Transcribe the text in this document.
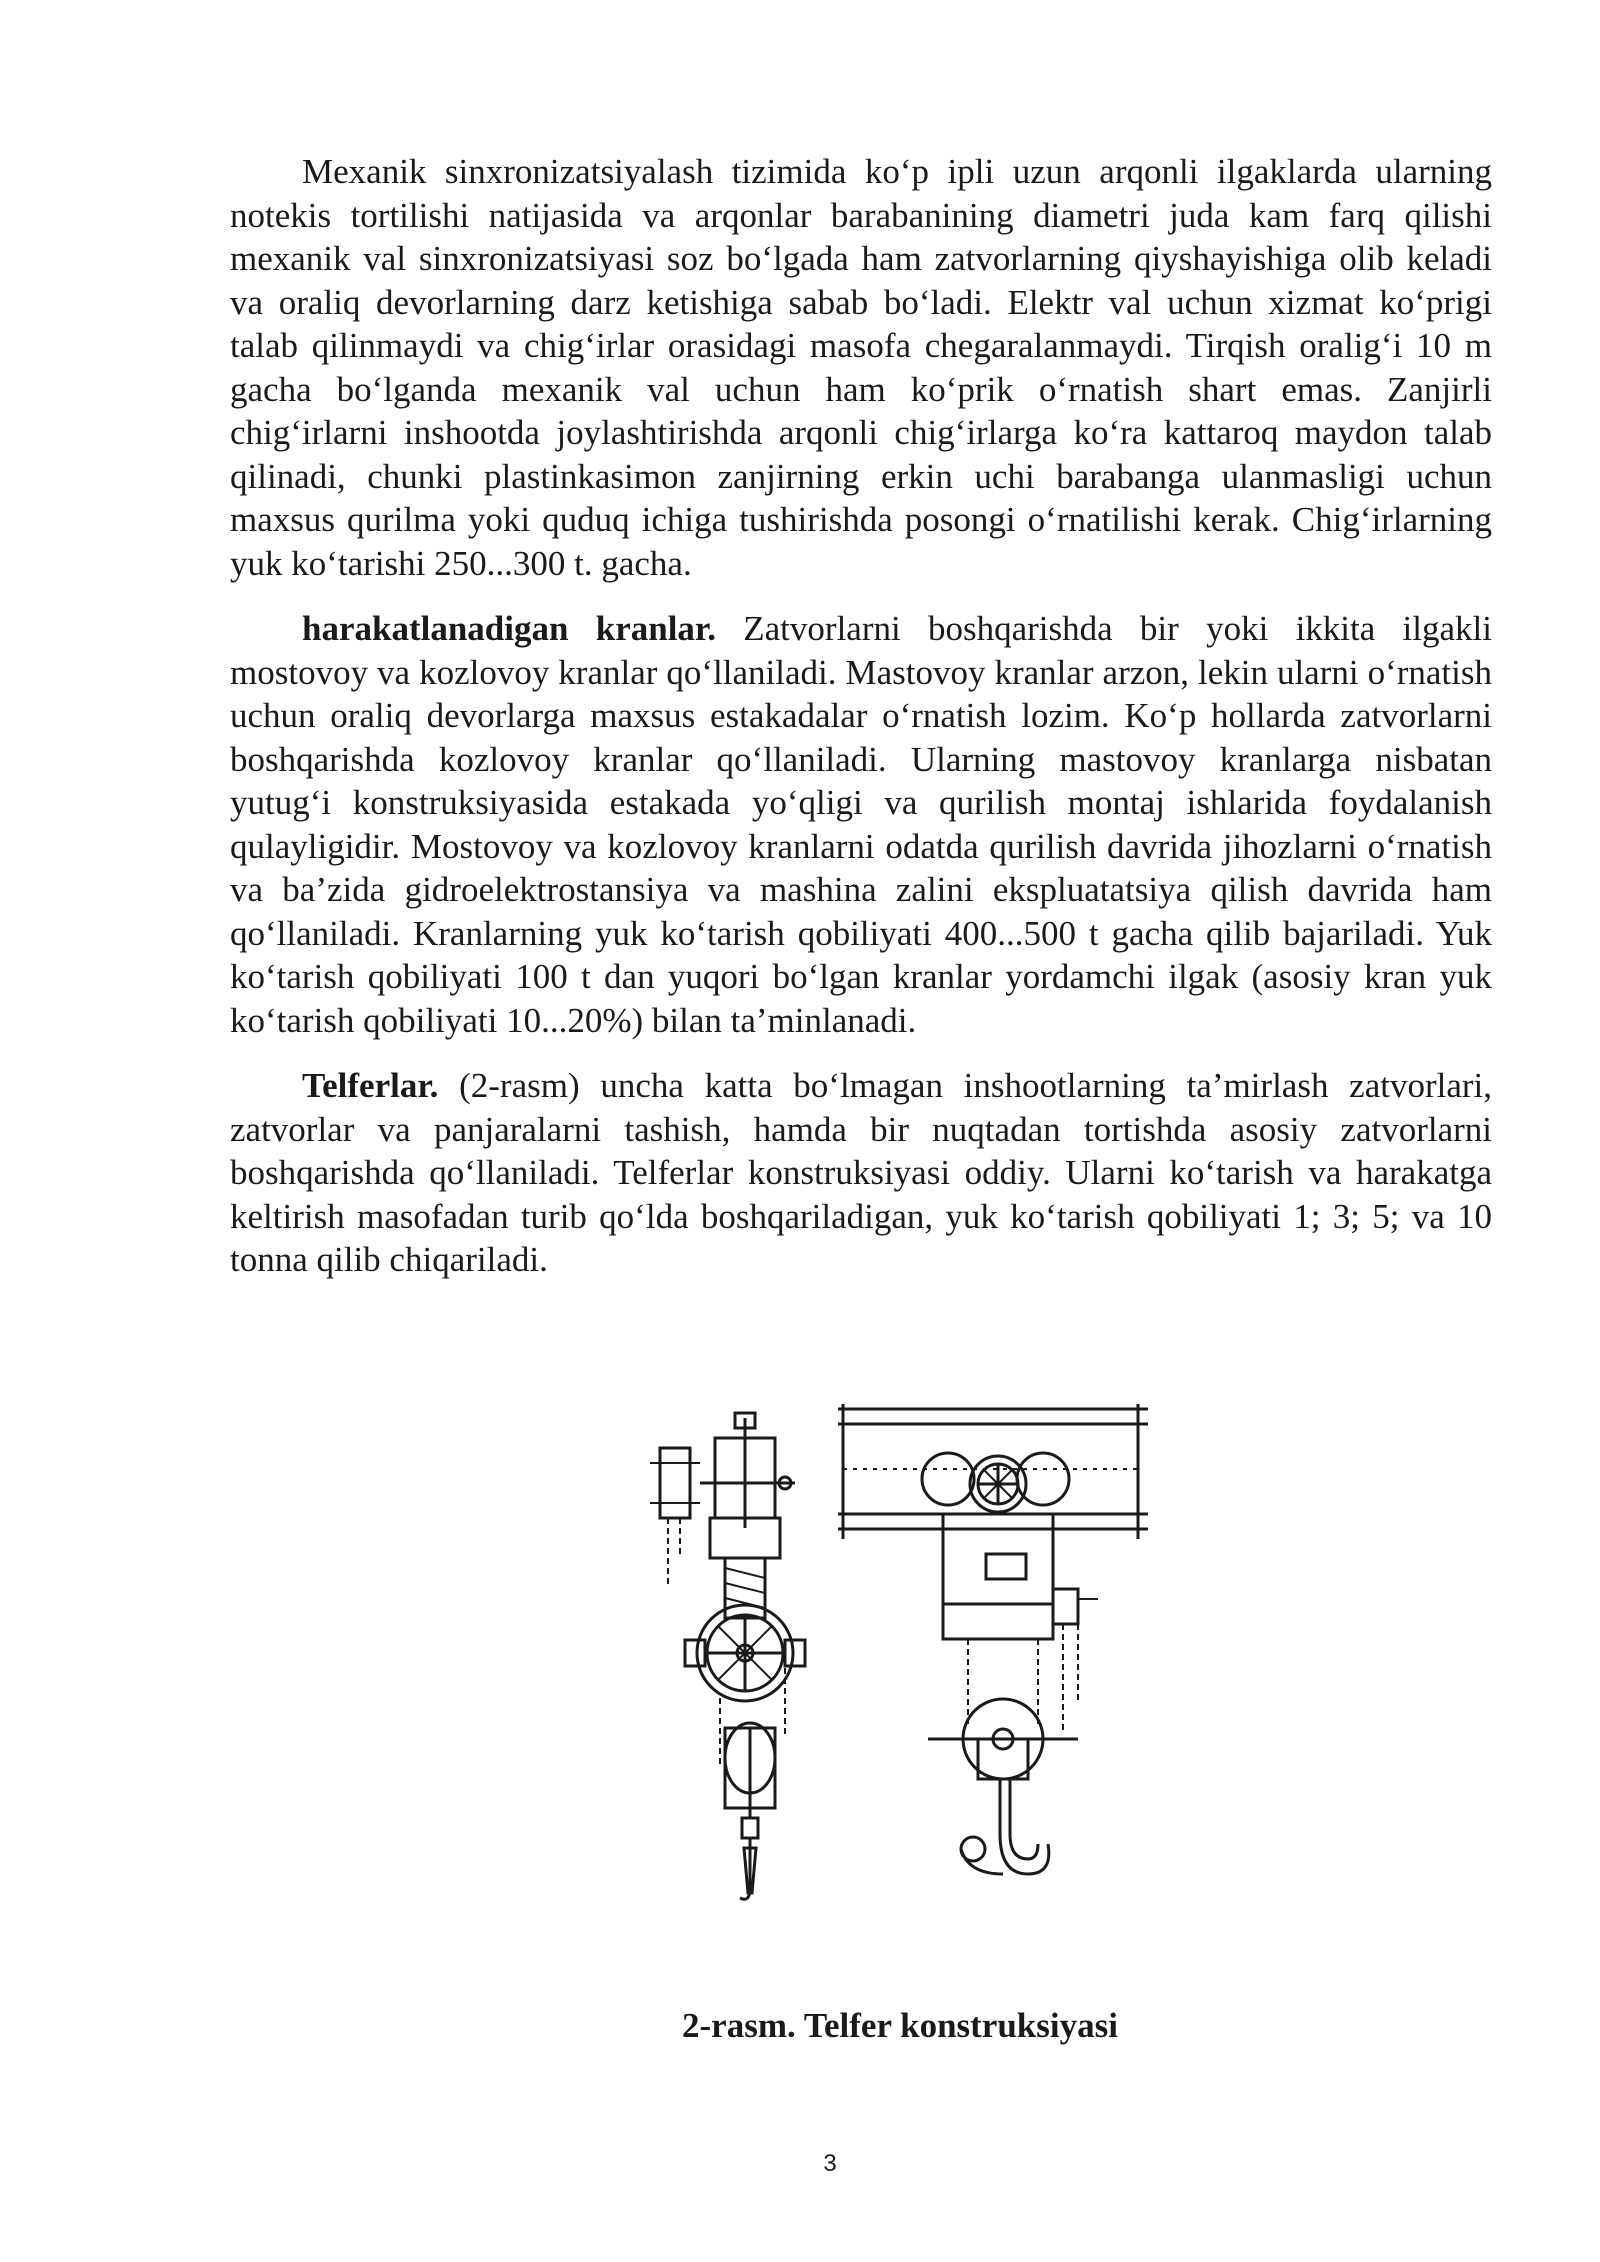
Mexanik sinxronizatsiyalash tizimida ko‘p ipli uzun arqonli ilgaklarda ularning notekis tortilishi natijasida va arqonlar barabanining diametri juda kam farq qilishi mexanik val sinxronizatsiyasi soz bo‘lgada ham zatvorlarning qiyshayishiga olib keladi va oraliq devorlarning darz ketishiga sabab bo‘ladi. Elektr val uchun xizmat ko‘prigi talab qilinmaydi va chig‘irlar orasidagi masofa chegaralanmaydi. Tirqish oralig‘i 10 m gacha bo‘lganda mexanik val uchun ham ko‘prik o‘rnatish shart emas. Zanjirli chig‘irlarni inshootda joylashtirishda arqonli chig‘irlarga ko‘ra kattaroq maydon talab qilinadi, chunki plastinkasimon zanjirning erkin uchi barabanga ulanmasligi uchun maxsus qurilma yoki quduq ichiga tushirishda posongi o‘rnatilishi kerak. Chig‘irlarning yuk ko‘tarishi 250...300 t. gacha.

harakatlanadigan kranlar. Zatvorlarni boshqarishda bir yoki ikkita ilgakli mostovoy va kozlovoy kranlar qo‘llaniladi. Mastovoy kranlar arzon, lekin ularni o‘rnatish uchun oraliq devorlarga maxsus estakadalar o‘rnatish lozim. Ko‘p hollarda zatvorlarni boshqarishda kozlovoy kranlar qo‘llaniladi. Ularning mastovoy kranlarga nisbatan yutug‘i konstruksiyasida estakada yo‘qligi va qurilish montaj ishlarida foydalanish qulayligidir. Mostovoy va kozlovoy kranlarni odatda qurilish davrida jihozlarni o‘rnatish va ba’zida gidroelektrostansiya va mashina zalini ekspluatatsiya qilish davrida ham qo‘llaniladi. Kranlarning yuk ko‘tarish qobiliyati 400...500 t gacha qilib bajariladi. Yuk ko‘tarish qobiliyati 100 t dan yuqori bo‘lgan kranlar yordamchi ilgak (asosiy kran yuk ko‘tarish qobiliyati 10...20%) bilan ta’minlanadi.

Telferlar. (2-rasm) uncha katta bo‘lmagan inshootlarning ta’mirlash zatvorlari, zatvorlar va panjaralarni tashish, hamda bir nuqtadan tortishda asosiy zatvorlarni boshqarishda qo‘llaniladi. Telferlar konstruksiyasi oddiy. Ularni ko‘tarish va harakatga keltirish masofadan turib qo‘lda boshqariladigan, yuk ko‘tarish qobiliyati 1; 3; 5; va 10 tonna qilib chiqariladi.

2-rasm. Telfer konstruksiyasi
3
